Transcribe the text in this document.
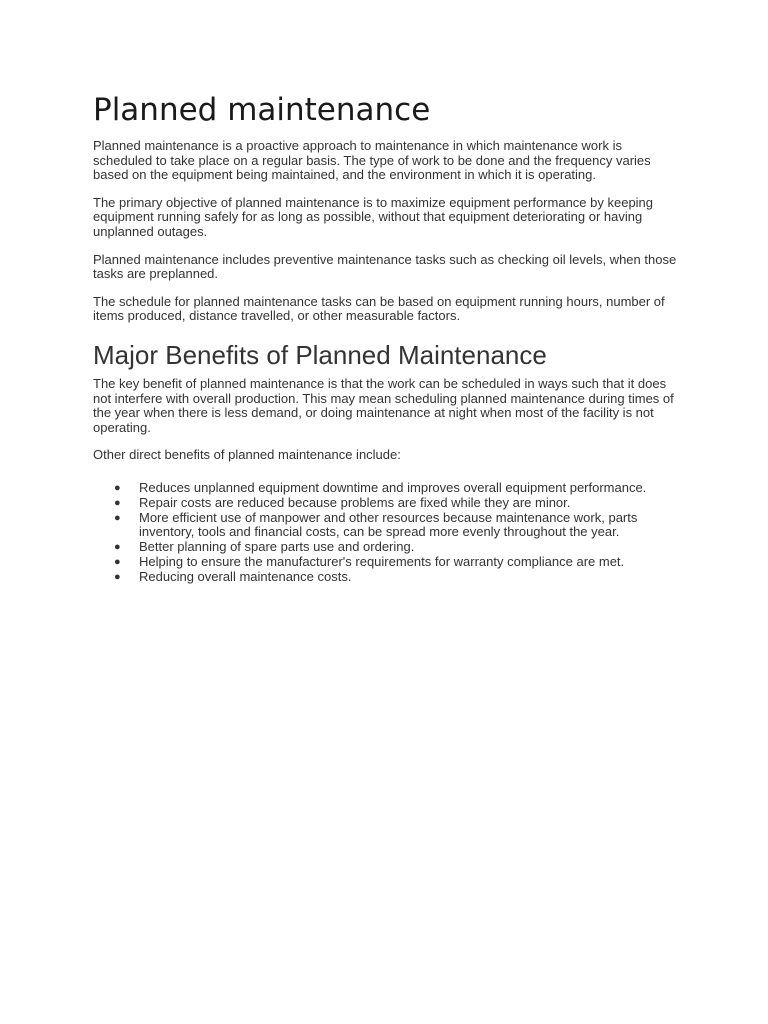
Planned maintenance

Planned maintenance is a proactive approach to maintenance in which maintenance work is scheduled to take place on a regular basis. The type of work to be done and the frequency varies based on the equipment being maintained, and the environment in which it is operating.

The primary objective of planned maintenance is to maximize equipment performance by keeping equipment running safely for as long as possible, without that equipment deteriorating or having unplanned outages.

Planned maintenance includes preventive maintenance tasks such as checking oil levels, when those tasks are preplanned.

The schedule for planned maintenance tasks can be based on equipment running hours, number of items produced, distance travelled, or other measurable factors.

Major Benefits of Planned Maintenance

The key benefit of planned maintenance is that the work can be scheduled in ways such that it does not interfere with overall production. This may mean scheduling planned maintenance during times of the year when there is less demand, or doing maintenance at night when most of the facility is not operating.

Other direct benefits of planned maintenance include:

● Reduces unplanned equipment downtime and improves overall equipment performance.
● Repair costs are reduced because problems are fixed while they are minor.
● More efficient use of manpower and other resources because maintenance work, parts inventory, tools and financial costs, can be spread more evenly throughout the year.
● Better planning of spare parts use and ordering.
● Helping to ensure the manufacturer's requirements for warranty compliance are met.
● Reducing overall maintenance costs.
